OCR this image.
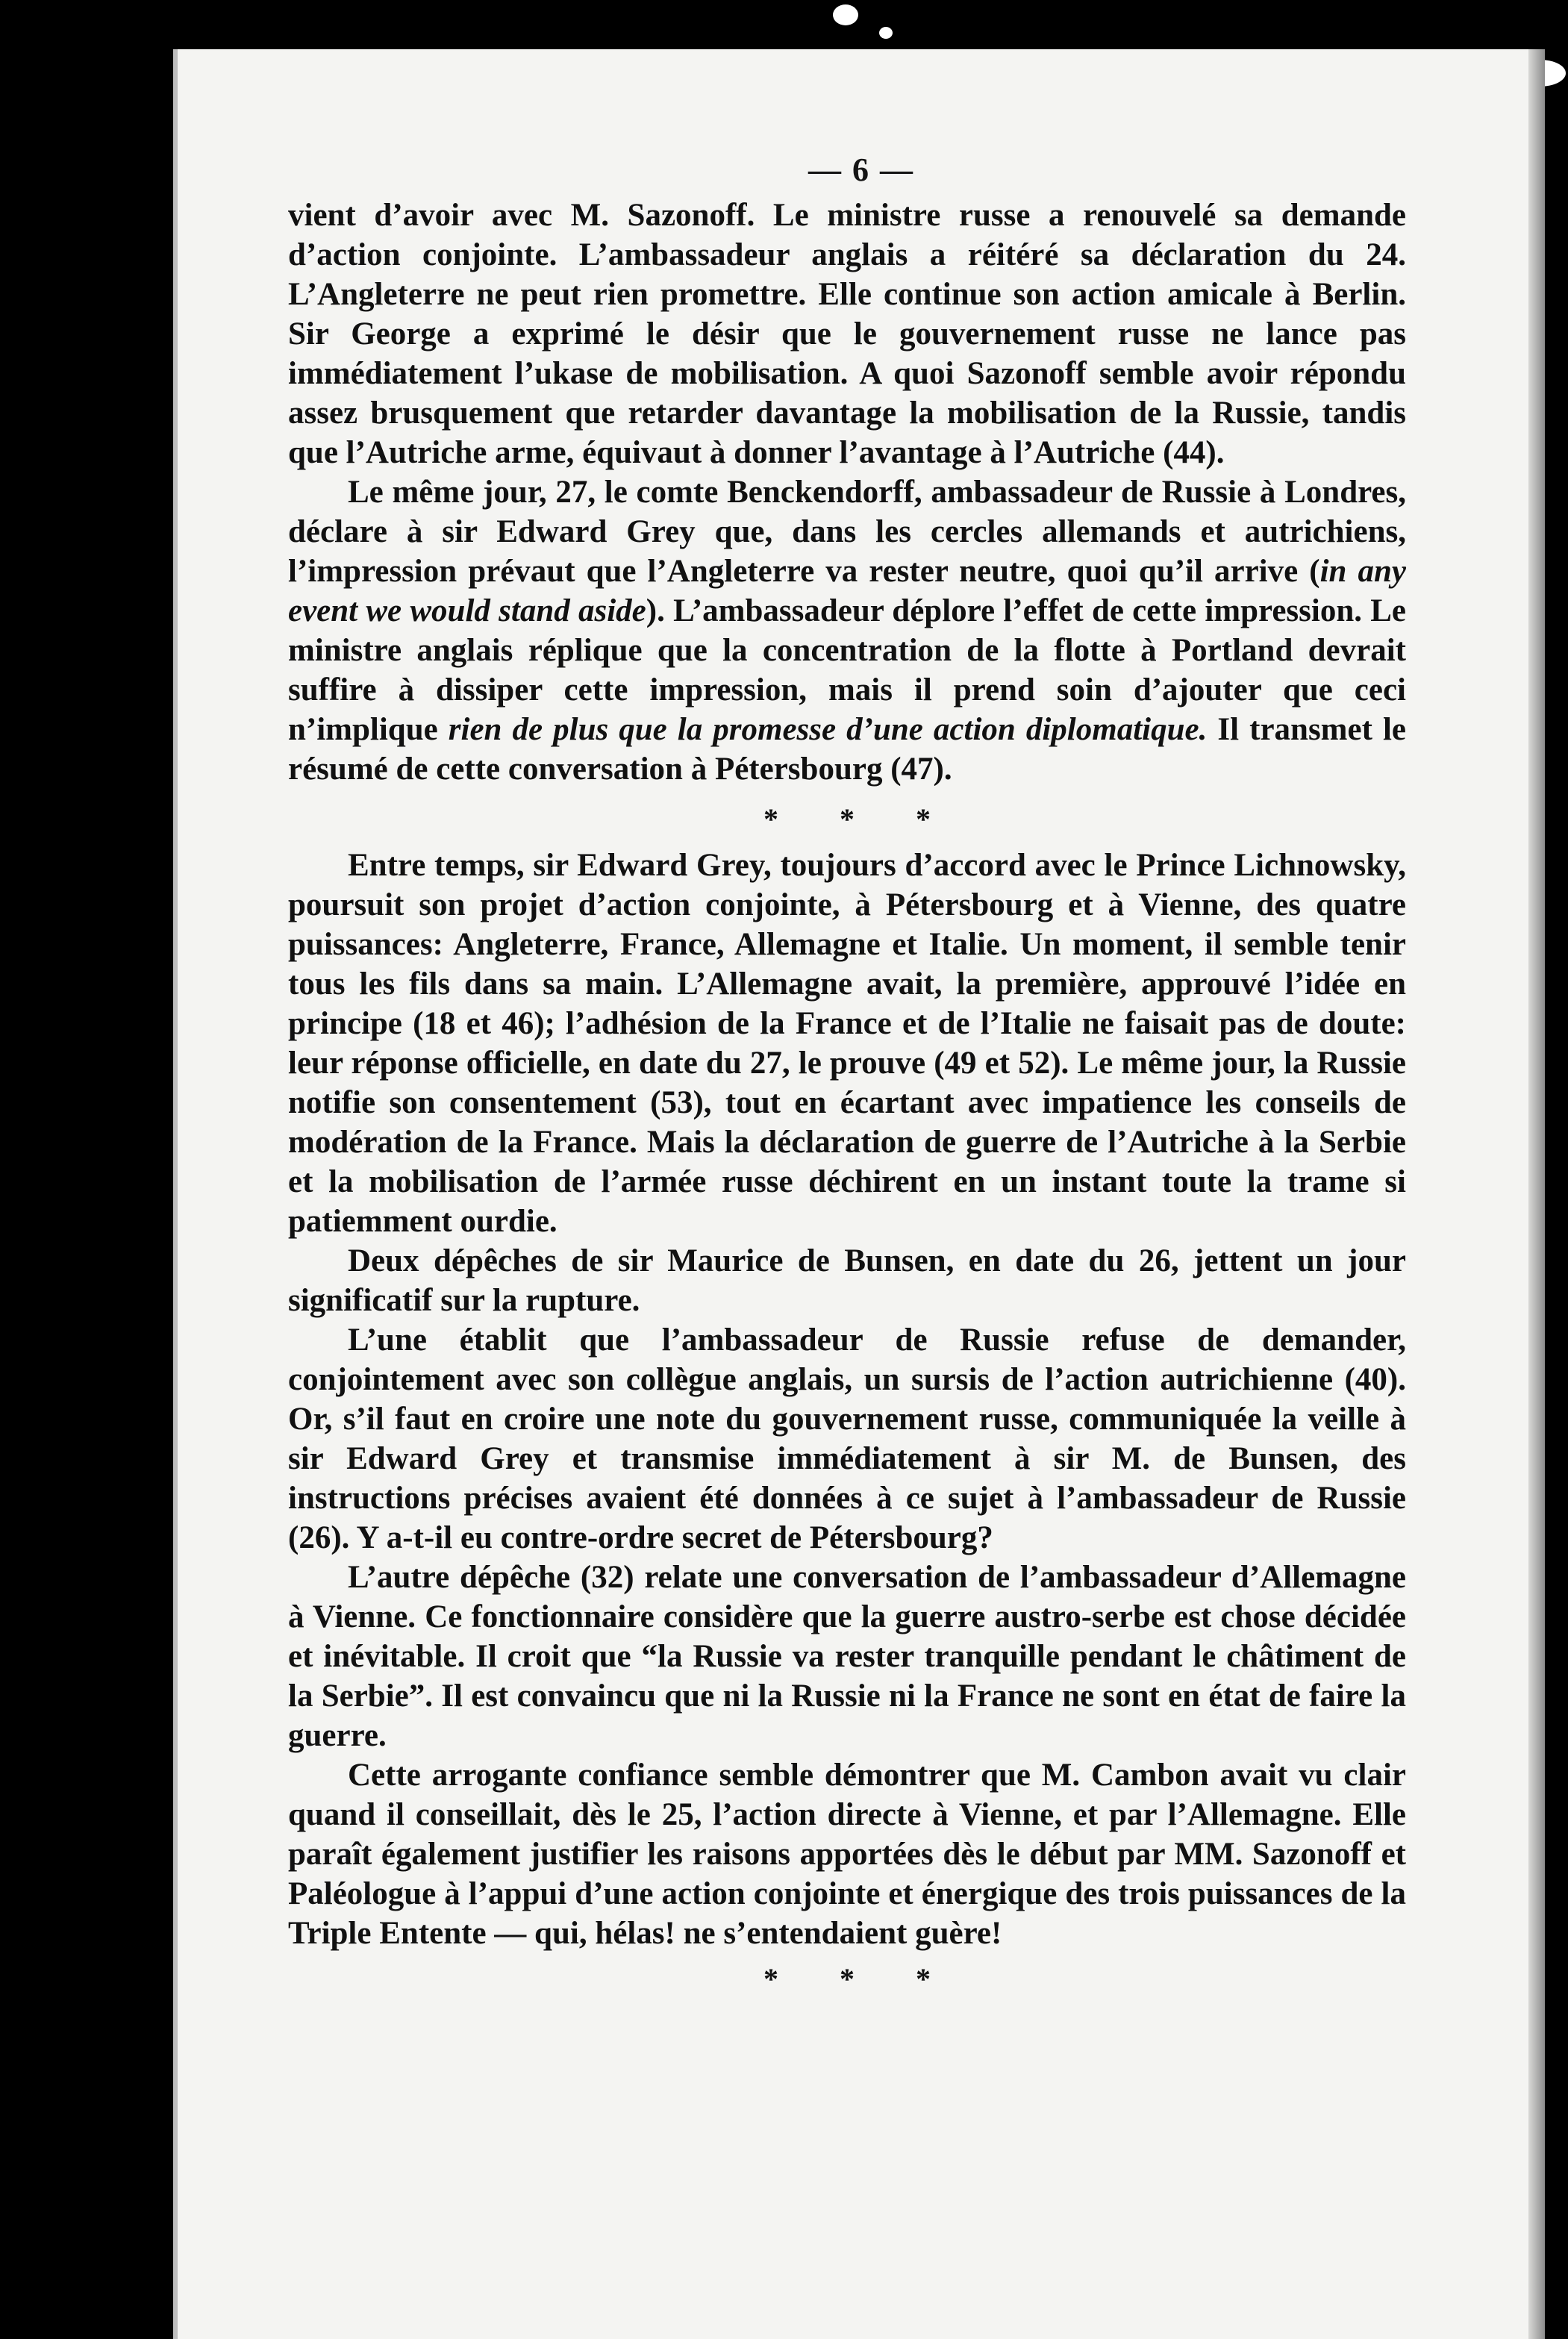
— 6 —

vient d’avoir avec M. Sazonoff. Le ministre russe a renouvelé sa demande d’action conjointe. L’ambassadeur anglais a réitéré sa déclaration du 24. L’Angleterre ne peut rien promettre. Elle continue son action amicale à Berlin. Sir George a exprimé le désir que le gouvernement russe ne lance pas immédiatement l’ukase de mobilisation. A quoi Sazonoff semble avoir répondu assez brusquement que retarder davantage la mobilisation de la Russie, tandis que l’Autriche arme, équivaut à donner l’avantage à l’Autriche (44).

Le même jour, 27, le comte Benckendorff, ambassadeur de Russie à Londres, déclare à sir Edward Grey que, dans les cercles allemands et autrichiens, l’impression prévaut que l’Angleterre va rester neutre, quoi qu’il arrive (in any event we would stand aside). L’ambassadeur déplore l’effet de cette impression. Le ministre anglais réplique que la concentration de la flotte à Portland devrait suffire à dissiper cette impression, mais il prend soin d’ajouter que ceci n’implique rien de plus que la promesse d’une action diplomatique. Il transmet le résumé de cette conversation à Pétersbourg (47).

* * *

Entre temps, sir Edward Grey, toujours d’accord avec le Prince Lichnowsky, poursuit son projet d’action conjointe, à Pétersbourg et à Vienne, des quatre puissances: Angleterre, France, Allemagne et Italie. Un moment, il semble tenir tous les fils dans sa main. L’Allemagne avait, la première, approuvé l’idée en principe (18 et 46); l’adhésion de la France et de l’Italie ne faisait pas de doute: leur réponse officielle, en date du 27, le prouve (49 et 52). Le même jour, la Russie notifie son consentement (53), tout en écartant avec impatience les conseils de modération de la France. Mais la déclaration de guerre de l’Autriche à la Serbie et la mobilisation de l’armée russe déchirent en un instant toute la trame si patiemment ourdie.

Deux dépêches de sir Maurice de Bunsen, en date du 26, jettent un jour significatif sur la rupture.

L’une établit que l’ambassadeur de Russie refuse de demander, conjointement avec son collègue anglais, un sursis de l’action autrichienne (40). Or, s’il faut en croire une note du gouvernement russe, communiquée la veille à sir Edward Grey et transmise immédiatement à sir M. de Bunsen, des instructions précises avaient été données à ce sujet à l’ambassadeur de Russie (26). Y a-t-il eu contre-ordre secret de Pétersbourg?

L’autre dépêche (32) relate une conversation de l’ambassadeur d’Allemagne à Vienne. Ce fonctionnaire considère que la guerre austro-serbe est chose décidée et inévitable. Il croit que “la Russie va rester tranquille pendant le châtiment de la Serbie”. Il est convaincu que ni la Russie ni la France ne sont en état de faire la guerre.

Cette arrogante confiance semble démontrer que M. Cambon avait vu clair quand il conseillait, dès le 25, l’action directe à Vienne, et par l’Allemagne. Elle paraît également justifier les raisons apportées dès le début par MM. Sazonoff et Paléologue à l’appui d’une action conjointe et énergique des trois puissances de la Triple Entente — qui, hélas! ne s’entendaient guère!

* * *
